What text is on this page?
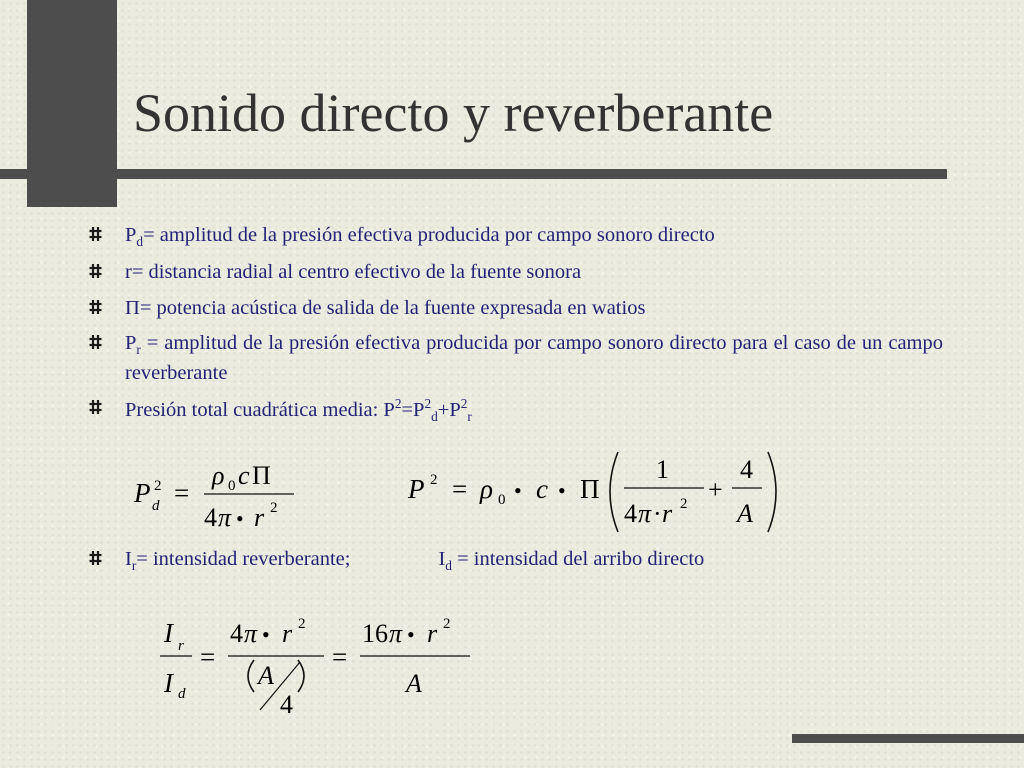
Sonido directo y reverberante
$P_d=$ amplitud de la presión efectiva producida por campo sonoro directo
r= distancia radial al centro efectivo de la fuente sonora
Π= potencia acústica de salida de la fuente expresada en watios
$P_r$ = amplitud de la presión efectiva producida por campo sonoro directo para el caso de un campo reverberante
Presión total cuadrática media: $P^2=P^2_d+P^2_r$
P 2
d =
ρ 0 c Π
4 π • r 2
P 2 = ρ 0 • c • Π
1
4 π · r 2 +
4
A
$I_r=$ intensidad reverberante;	$I_d$ = intensidad del arribo directo
I r
I d
=
4 π • r 2
A
4
=
16 π • r 2
A
